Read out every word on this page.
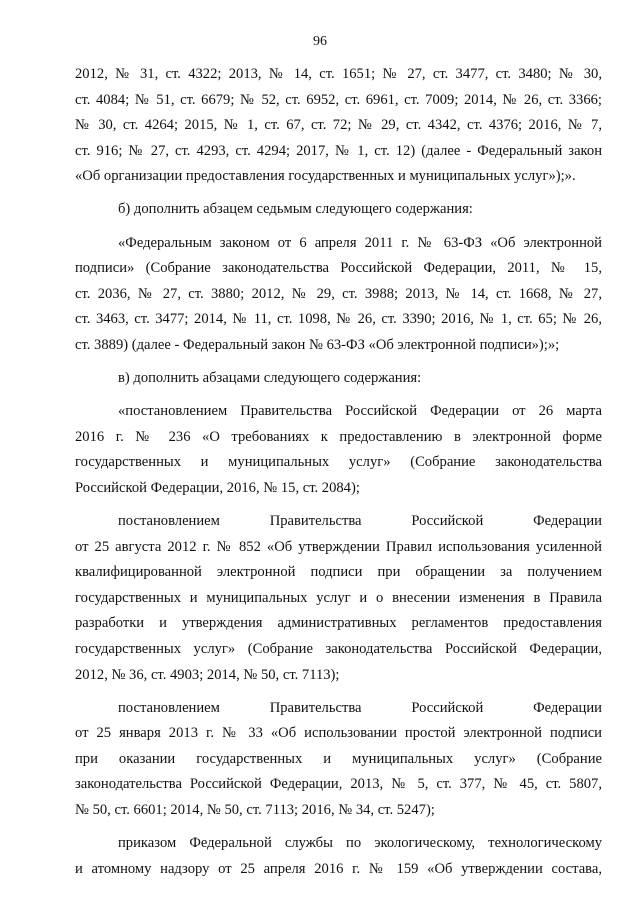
96
2012, № 31, ст. 4322; 2013, № 14, ст. 1651; № 27, ст. 3477, ст. 3480; № 30,
ст. 4084; № 51, ст. 6679; № 52, ст. 6952, ст. 6961, ст. 7009; 2014, № 26, ст. 3366;
№ 30, ст. 4264; 2015, № 1, ст. 67, ст. 72; № 29, ст. 4342, ст. 4376; 2016, № 7,
ст. 916; № 27, ст. 4293, ст. 4294; 2017, № 1, ст. 12) (далее - Федеральный закон
«Об организации предоставления государственных и муниципальных услуг»);».
б) дополнить абзацем седьмым следующего содержания:
«Федеральным законом от 6 апреля 2011 г. № 63-ФЗ «Об электронной
подписи» (Собрание законодательства Российской Федерации, 2011, № 15,
ст. 2036, № 27, ст. 3880; 2012, № 29, ст. 3988; 2013, № 14, ст. 1668, № 27,
ст. 3463, ст. 3477; 2014, № 11, ст. 1098, № 26, ст. 3390; 2016, № 1, ст. 65; № 26,
ст. 3889) (далее - Федеральный закон № 63-ФЗ «Об электронной подписи»);»;
в) дополнить абзацами следующего содержания:
«постановлением Правительства Российской Федерации от 26 марта
2016 г. № 236 «О требованиях к предоставлению в электронной форме
государственных и муниципальных услуг» (Собрание законодательства
Российской Федерации, 2016, № 15, ст. 2084);
постановлением Правительства Российской Федерации
от 25 августа 2012 г. № 852 «Об утверждении Правил использования усиленной
квалифицированной электронной подписи при обращении за получением
государственных и муниципальных услуг и о внесении изменения в Правила
разработки и утверждения административных регламентов предоставления
государственных услуг» (Собрание законодательства Российской Федерации,
2012, № 36, ст. 4903; 2014, № 50, ст. 7113);
постановлением Правительства Российской Федерации
от 25 января 2013 г. № 33 «Об использовании простой электронной подписи
при оказании государственных и муниципальных услуг» (Собрание
законодательства Российской Федерации, 2013, № 5, ст. 377, № 45, ст. 5807,
№ 50, ст. 6601; 2014, № 50, ст. 7113; 2016, № 34, ст. 5247);
приказом Федеральной службы по экологическому, технологическому
и атомному надзору от 25 апреля 2016 г. № 159 «Об утверждении состава,
